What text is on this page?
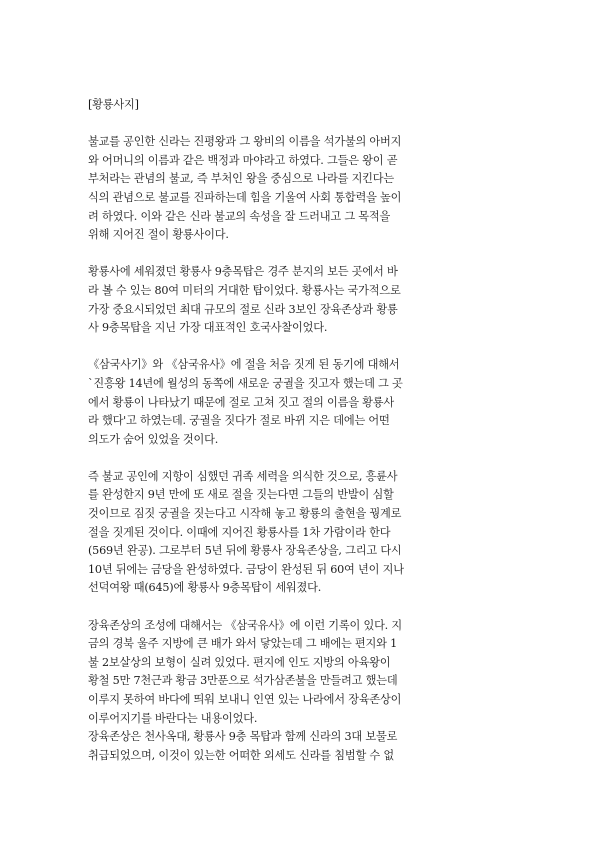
[황룡사지]

불교를 공인한 신라는 진평왕과 그 왕비의 이름을 석가불의 아버지
와 어머니의 이름과 같은 백정과 마야라고 하였다. 그들은 왕이 곧
부처라는 관념의 불교, 즉 부처인 왕을 중심으로 나라를 지킨다는
식의 관념으로 불교를 진파하는데 힘을 기울여 사회 통합력을 높이
려 하였다. 이와 같은 신라 불교의 속성을 잘 드러내고 그 목적을
위해 지어진 절이 황룡사이다.
황룡사에 세워졌던 황룡사 9층목탑은 경주 분지의 보든 곳에서 바
라 볼 수 있는 80여 미터의 거대한 탑이었다. 황룡사는 국가적으로
가장 중요시되었던 최대 규모의 절로 신라 3보인 장육존상과 황룡
사 9층목탑을 지닌 가장 대표적인 호국사찰이었다.
《삼국사기》와 《삼국유사》에 절을 처음 짓게 된 동기에 대해서
`진흥왕 14년에 월성의 동쪽에 새로운 궁궐을 짓고자 했는데 그 곳
에서 황룡이 나타났기 때문에 절로 고쳐 짓고 절의 이름을 황룡사
라 했다'고 하였는데. 궁궐을 짓다가 절로 바뀌 지은 데에는 어떤
의도가 숨어 있었을 것이다.
즉 불교 공인에 지항이 심했던 귀족 세력을 의식한 것으로, 흥륜사
를 완성한지 9년 만에 또 새로 절을 짓는다면 그들의 반발이 심할
것이므로 짐짓 궁궐을 짓는다고 시작해 놓고 황룡의 출현을 꿩계로
절을 짓게된 것이다. 이때에 지어진 황룡사를 1차 가람이라 한다
(569년 완공). 그로부터 5년 뒤에 황룡사 장육존상을, 그리고 다시
10년 뒤에는 금당을 완성하였다. 금당이 완성된 뒤 60여 년이 지나
선덕여왕 때(645)에 황룡사 9층목탑이 세워졌다.
장육존상의 조성에 대해서는 《삼국유사》에 이런 기록이 있다. 지
금의 경북 울주 지방에 큰 배가 와서 닿았는데 그 배에는 편지와 1
불 2보살상의 보형이 실려 있었다. 편지에 인도 지방의 아육왕이
황철 5만 7천근과 황금 3만푼으로 석가삼존불을 만들려고 했는데
이루지 못하여 바다에 띄워 보내니 인연 있는 나라에서 장육존상이
이루어지기를 바란다는 내용이었다.
장육존상은 천사옥대, 황룡사 9층 목탑과 함께 신라의 3대 보물로
취급되었으며, 이것이 있는한 어떠한 외세도 신라를 침범할 수 없
